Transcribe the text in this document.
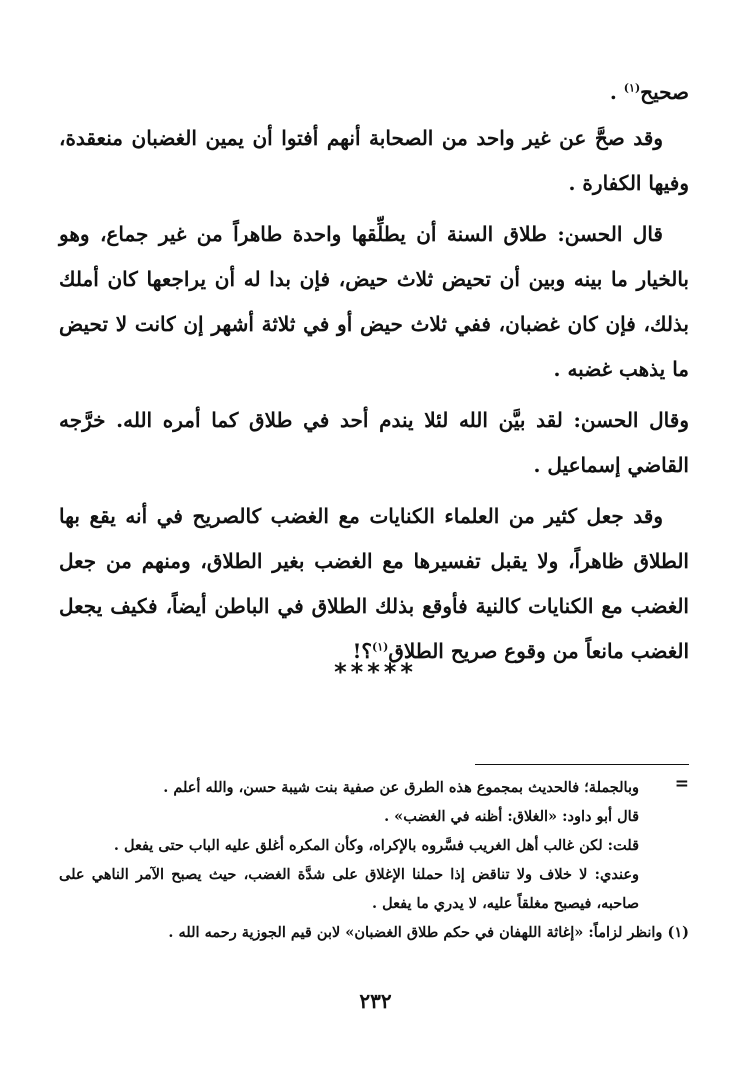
صحيح$^{(١)}$ .

وقد صحَّ عن غير واحد من الصحابة أنهم أفتوا أن يمين الغضبان منعقدة، وفيها الكفارة .

قال الحسن: طلاق السنة أن يطلِّقها واحدة طاهراً من غير جماع، وهو بالخيار ما بينه وبين أن تحيض ثلاث حيض، فإن بدا له أن يراجعها كان أملك بذلك، فإن كان غضبان، ففي ثلاث حيض أو في ثلاثة أشهر إن كانت لا تحيض ما يذهب غضبه .

وقال الحسن: لقد بيَّن الله لئلا يندم أحد في طلاق كما أمره الله. خرَّجه القاضي إسماعيل .

وقد جعل كثير من العلماء الكنايات مع الغضب كالصريح في أنه يقع بها الطلاق ظاهراً، ولا يقبل تفسيرها مع الغضب بغير الطلاق، ومنهم من جعل الغضب مع الكنايات كالنية فأوقع بذلك الطلاق في الباطن أيضاً، فكيف يجعل الغضب مانعاً من وقوع صريح الطلاق$^{(١)}$؟!

*****
=

وبالجملة؛ فالحديث بمجموع هذه الطرق عن صفية بنت شيبة حسن، والله أعلم .

قال أبو داود: «الغلاق: أظنه في الغضب» .

قلت: لكن غالب أهل الغريب فسَّروه بالإكراه، وكأن المكره أغلق عليه الباب حتى يفعل .

وعندي: لا خلاف ولا تناقض إذا حملنا الإغلاق على شدَّة الغضب، حيث يصبح الآمر الناهي على صاحبه، فيصبح مغلقاً عليه، لا يدري ما يفعل .

(١) وانظر لزاماً: «إغاثة اللهفان في حكم طلاق الغضبان» لابن قيم الجوزية رحمه الله .

٢٣٢
